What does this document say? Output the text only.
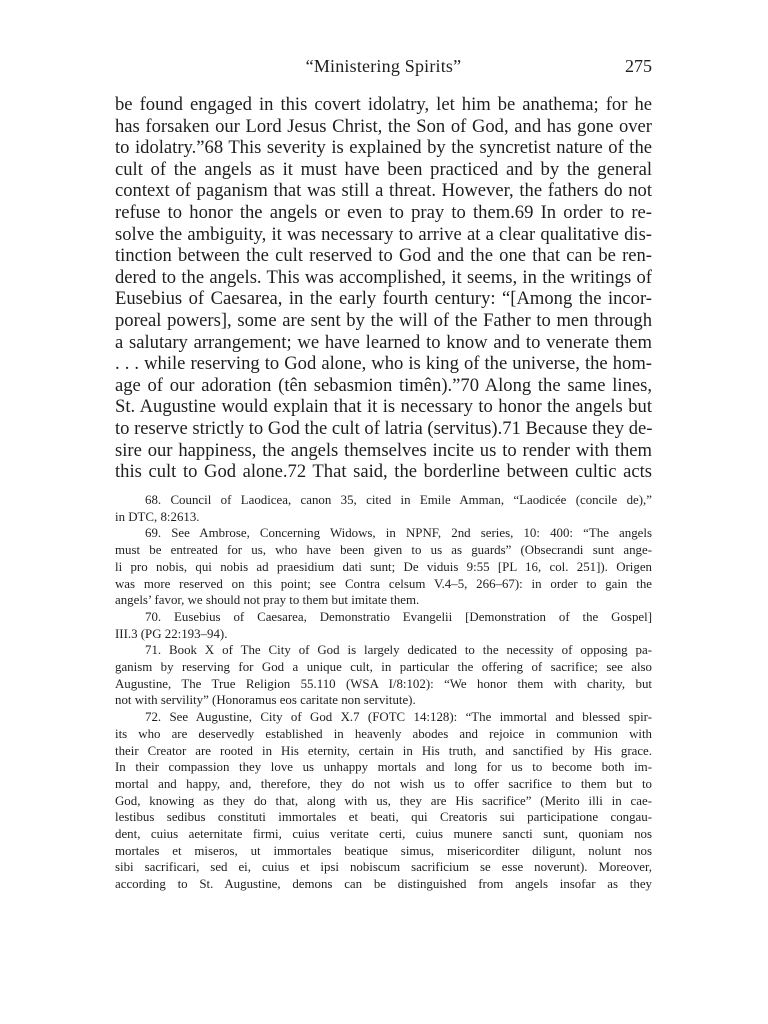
“Ministering Spirits”	275
be found engaged in this covert idolatry, let him be anathema; for he
has forsaken our Lord Jesus Christ, the Son of God, and has gone over
to idolatry.”68 This severity is explained by the syncretist nature of the
cult of the angels as it must have been practiced and by the general
context of paganism that was still a threat. However, the fathers do not
refuse to honor the angels or even to pray to them.69 In order to re-
solve the ambiguity, it was necessary to arrive at a clear qualitative dis-
tinction between the cult reserved to God and the one that can be ren-
dered to the angels. This was accomplished, it seems, in the writings of
Eusebius of Caesarea, in the early fourth century: “[Among the incor-
poreal powers], some are sent by the will of the Father to men through
a salutary arrangement; we have learned to know and to venerate them
. . . while reserving to God alone, who is king of the universe, the hom-
age of our adoration (tên sebasmion timên).”70 Along the same lines,
St. Augustine would explain that it is necessary to honor the angels but
to reserve strictly to God the cult of latria (servitus).71 Because they de-
sire our happiness, the angels themselves incite us to render with them
this cult to God alone.72 That said, the borderline between cultic acts
68. Council of Laodicea, canon 35, cited in Emile Amman, “Laodicée (concile de),”
in DTC, 8:2613.
69. See Ambrose, Concerning Widows, in NPNF, 2nd series, 10: 400: “The angels
must be entreated for us, who have been given to us as guards” (Obsecrandi sunt ange-
li pro nobis, qui nobis ad praesidium dati sunt; De viduis 9:55 [PL 16, col. 251]). Origen
was more reserved on this point; see Contra celsum V.4–5, 266–67): in order to gain the
angels’ favor, we should not pray to them but imitate them.
70. Eusebius of Caesarea, Demonstratio Evangelii [Demonstration of the Gospel]
III.3 (PG 22:193–94).
71. Book X of The City of God is largely dedicated to the necessity of opposing pa-
ganism by reserving for God a unique cult, in particular the offering of sacrifice; see also
Augustine, The True Religion 55.110 (WSA I/8:102): “We honor them with charity, but
not with servility” (Honoramus eos caritate non servitute).
72. See Augustine, City of God X.7 (FOTC 14:128): “The immortal and blessed spir-
its who are deservedly established in heavenly abodes and rejoice in communion with
their Creator are rooted in His eternity, certain in His truth, and sanctified by His grace.
In their compassion they love us unhappy mortals and long for us to become both im-
mortal and happy, and, therefore, they do not wish us to offer sacrifice to them but to
God, knowing as they do that, along with us, they are His sacrifice” (Merito illi in cae-
lestibus sedibus constituti immortales et beati, qui Creatoris sui participatione congau-
dent, cuius aeternitate firmi, cuius veritate certi, cuius munere sancti sunt, quoniam nos
mortales et miseros, ut immortales beatique simus, misericorditer diligunt, nolunt nos
sibi sacrificari, sed ei, cuius et ipsi nobiscum sacrificium se esse noverunt). Moreover,
according to St. Augustine, demons can be distinguished from angels insofar as they
